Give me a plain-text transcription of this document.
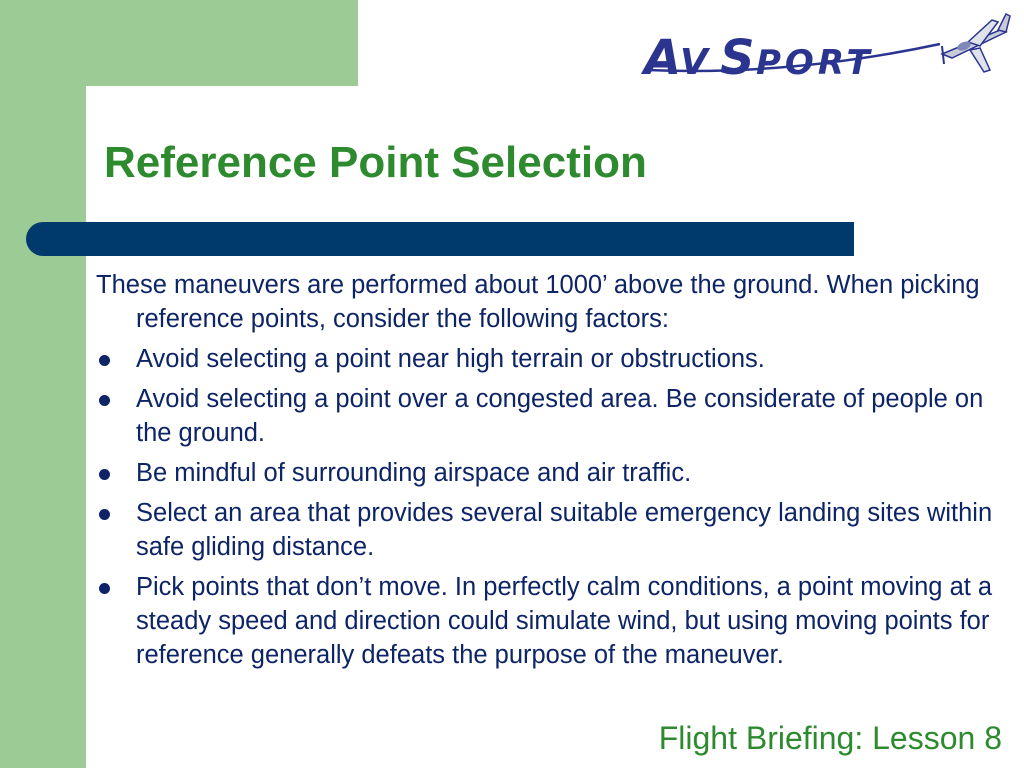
A
V S PORT
Reference Point Selection

These maneuvers are performed about 1000’ above the ground. When picking reference points, consider the following factors:

Avoid selecting a point near high terrain or obstructions.
Avoid selecting a point over a congested area. Be considerate of people on the ground.
Be mindful of surrounding airspace and air traffic.
Select an area that provides several suitable emergency landing sites within safe gliding distance.
Pick points that don’t move. In perfectly calm conditions, a point moving at a steady speed and direction could simulate wind, but using moving points for reference generally defeats the purpose of the maneuver.
Flight Briefing: Lesson 8
